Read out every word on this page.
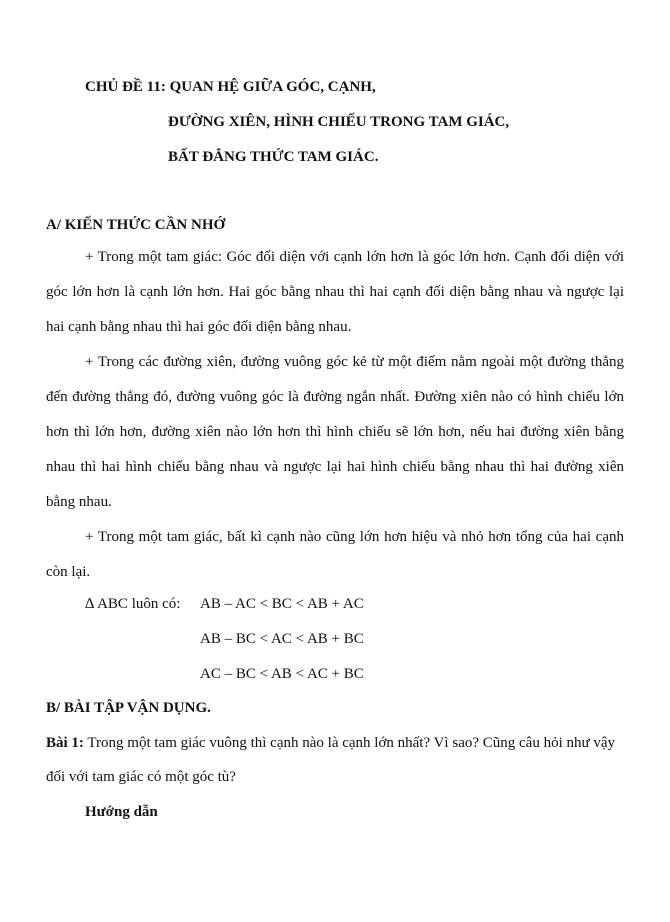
CHỦ ĐỀ 11: QUAN HỆ GIỮA GÓC, CẠNH,
ĐƯỜNG XIÊN, HÌNH CHIẾU TRONG TAM GIÁC,
BẤT ĐẲNG THỨC TAM GIÁC.
A/ KIẾN THỨC CẦN NHỚ
+ Trong một tam giác: Góc đối diện với cạnh lớn hơn là góc lớn hơn. Cạnh đối diện với
góc lớn hơn là cạnh lớn hơn. Hai góc bằng nhau thì hai cạnh đối diện bằng nhau và ngược lại
hai cạnh bằng nhau thì hai góc đối diện bằng nhau.
+ Trong các đường xiên, đường vuông góc kẻ từ một điểm nằm ngoài một đường thẳng
đến đường thẳng đó, đường vuông góc là đường ngắn nhất. Đường xiên nào có hình chiếu lớn
hơn thì lớn hơn, đường xiên nào lớn hơn thì hình chiếu sẽ lớn hơn, nếu hai đường xiên bằng
nhau thì hai hình chiếu bằng nhau và ngược lại hai hình chiếu bằng nhau thì hai đường xiên
bằng nhau.
+ Trong một tam giác, bất kì cạnh nào cũng lớn hơn hiệu và nhỏ hơn tổng của hai cạnh
còn lại.
∆ ABC luôn có: AB – AC < BC < AB + AC
AB – BC < AC < AB + BC
AC – BC < AB < AC + BC
B/ BÀI TẬP VẬN DỤNG.
Bài 1: Trong một tam giác vuông thì cạnh nào là cạnh lớn nhất? Vì sao? Cũng câu hỏi như vậy
đối với tam giác có một góc tù?
Hướng dẫn
